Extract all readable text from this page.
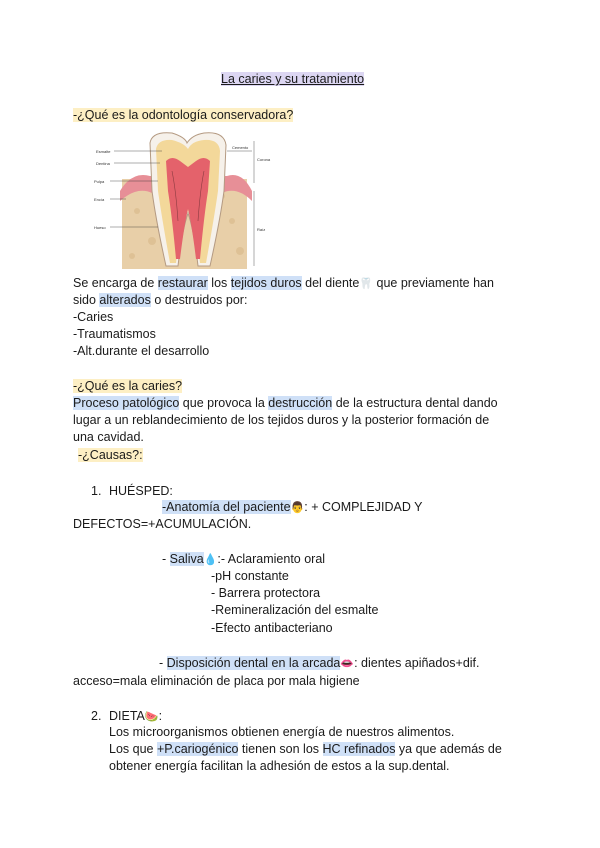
La caries y su tratamiento
-¿Qué es la odontología conservadora?
Esmalte
Dentina
Pulpa
Encía
Hueso
Cemento
Corona
Raíz
Se encarga de restaurar los tejidos duros del diente🦷 que previamente han
sido alterados o destruidos por:
-Caries
-Traumatismos
-Alt.durante el desarrollo
-¿Qué es la caries?
Proceso patológico que provoca la destrucción de la estructura dental dando
lugar a un reblandecimiento de los tejidos duros y la posterior formación de
una cavidad.
-¿Causas?:
1. HUÉSPED:
-Anatomía del paciente👨: + COMPLEJIDAD Y
DEFECTOS=+ACUMULACIÓN.
- Saliva💧:- Aclaramiento oral
-pH constante
- Barrera protectora
-Remineralización del esmalte
-Efecto antibacteriano
- Disposición dental en la arcada👄: dientes apiñados+dif.
acceso=mala eliminación de placa por mala higiene
2. DIETA🍉:
Los microorganismos obtienen energía de nuestros alimentos.
Los que +P.cariogénico tienen son los HC refinados ya que además de
obtener energía facilitan la adhesión de estos a la sup.dental.
